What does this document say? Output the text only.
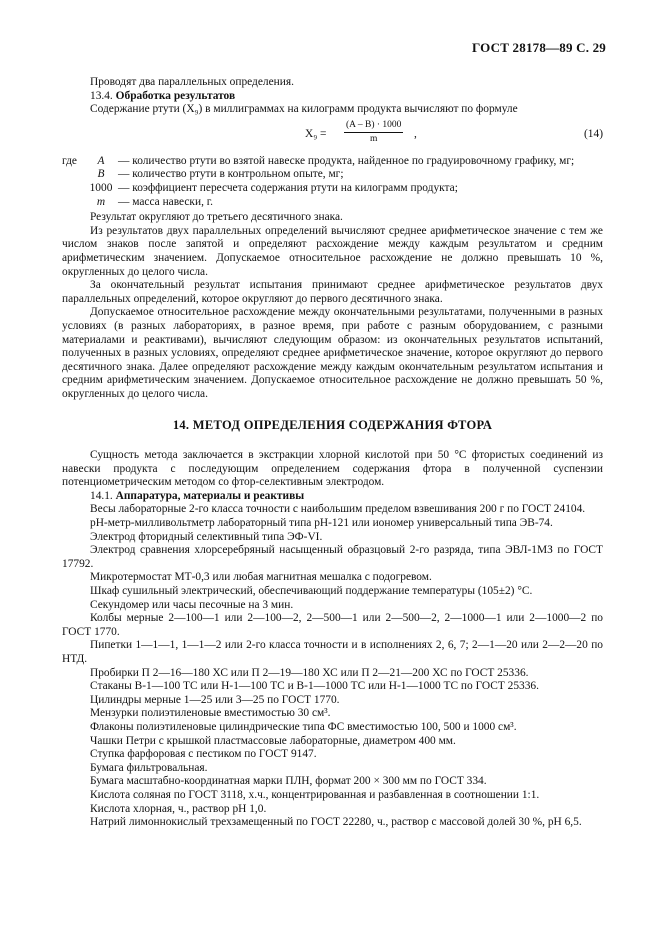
ГОСТ 28178—89 С. 29

Проводят два параллельных определения.

13.4. Обработка результатов

Содержание ртути (X₉) в миллиграммах на килограмм продукта вычисляют по формуле

$X_9 = \frac{(A - B) \cdot 1000}{m}$ ,	(14)
где	A	— количество ртути во взятой навеске продукта, найденное по градуировочному графику, мг;
B	— количество ртути в контрольном опыте, мг;
1000 — коэффициент пересчета содержания ртути на килограмм продукта;
m	— масса навески, г.

Результат округляют до третьего десятичного знака.

Из результатов двух параллельных определений вычисляют среднее арифметическое значение с тем же числом знаков после запятой и определяют расхождение между каждым результатом и средним арифметическим значением. Допускаемое относительное расхождение не должно превышать 10 %, округленных до целого числа.

За окончательный результат испытания принимают среднее арифметическое результатов двух параллельных определений, которое округляют до первого десятичного знака.

Допускаемое относительное расхождение между окончательными результатами, полученными в разных условиях (в разных лабораториях, в разное время, при работе с разным оборудованием, с разными материалами и реактивами), вычисляют следующим образом: из окончательных результатов испытаний, полученных в разных условиях, определяют среднее арифметическое значение, которое округляют до первого десятичного знака. Далее определяют расхождение между каждым окончательным результатом испытания и средним арифметическим значением. Допускаемое относительное расхождение не должно превышать 50 %, округленных до целого числа.

14. МЕТОД ОПРЕДЕЛЕНИЯ СОДЕРЖАНИЯ ФТОРА

Сущность метода заключается в экстракции хлорной кислотой при 50 °С фтористых соединений из навески продукта с последующим определением содержания фтора в полученной суспензии потенциометрическим методом со фтор-селективным электродом.

14.1. Аппаратура, материалы и реактивы

Весы лабораторные 2-го класса точности с наибольшим пределом взвешивания 200 г по ГОСТ 24104.

рН-метр-милливольтметр лабораторный типа рН-121 или иономер универсальный типа ЭВ-74.

Электрод фторидный селективный типа ЭФ-VI.

Электрод сравнения хлорсеребряный насыщенный образцовый 2-го разряда, типа ЭВЛ-1МЗ по ГОСТ 17792.

Микротермостат МТ-0,3 или любая магнитная мешалка с подогревом.

Шкаф сушильный электрический, обеспечивающий поддержание температуры (105±2) °С.

Секундомер или часы песочные на 3 мин.

Колбы мерные 2—100—1 или 2—100—2, 2—500—1 или 2—500—2, 2—1000—1 или 2—1000—2 по ГОСТ 1770.

Пипетки 1—1—1, 1—1—2 или 2-го класса точности и в исполнениях 2, 6, 7; 2—1—20 или 2—2—20 по НТД.

Пробирки П 2—16—180 ХС или П 2—19—180 ХС или П 2—21—200 ХС по ГОСТ 25336.

Стаканы В-1—100 ТС или Н-1—100 ТС и В-1—1000 ТС или Н-1—1000 ТС по ГОСТ 25336.

Цилиндры мерные 1—25 или 3—25 по ГОСТ 1770.

Мензурки полиэтиленовые вместимостью 30 см³.

Флаконы полиэтиленовые цилиндрические типа ФС вместимостью 100, 500 и 1000 см³.

Чашки Петри с крышкой пластмассовые лабораторные, диаметром 400 мм.

Ступка фарфоровая с пестиком по ГОСТ 9147.

Бумага фильтровальная.

Бумага масштабно-координатная марки ПЛН, формат 200 × 300 мм по ГОСТ 334.

Кислота соляная по ГОСТ 3118, х.ч., концентрированная и разбавленная в соотношении 1:1.

Кислота хлорная, ч., раствор рН 1,0.

Натрий лимоннокислый трехзамещенный по ГОСТ 22280, ч., раствор с массовой долей 30 %, рН 6,5.
